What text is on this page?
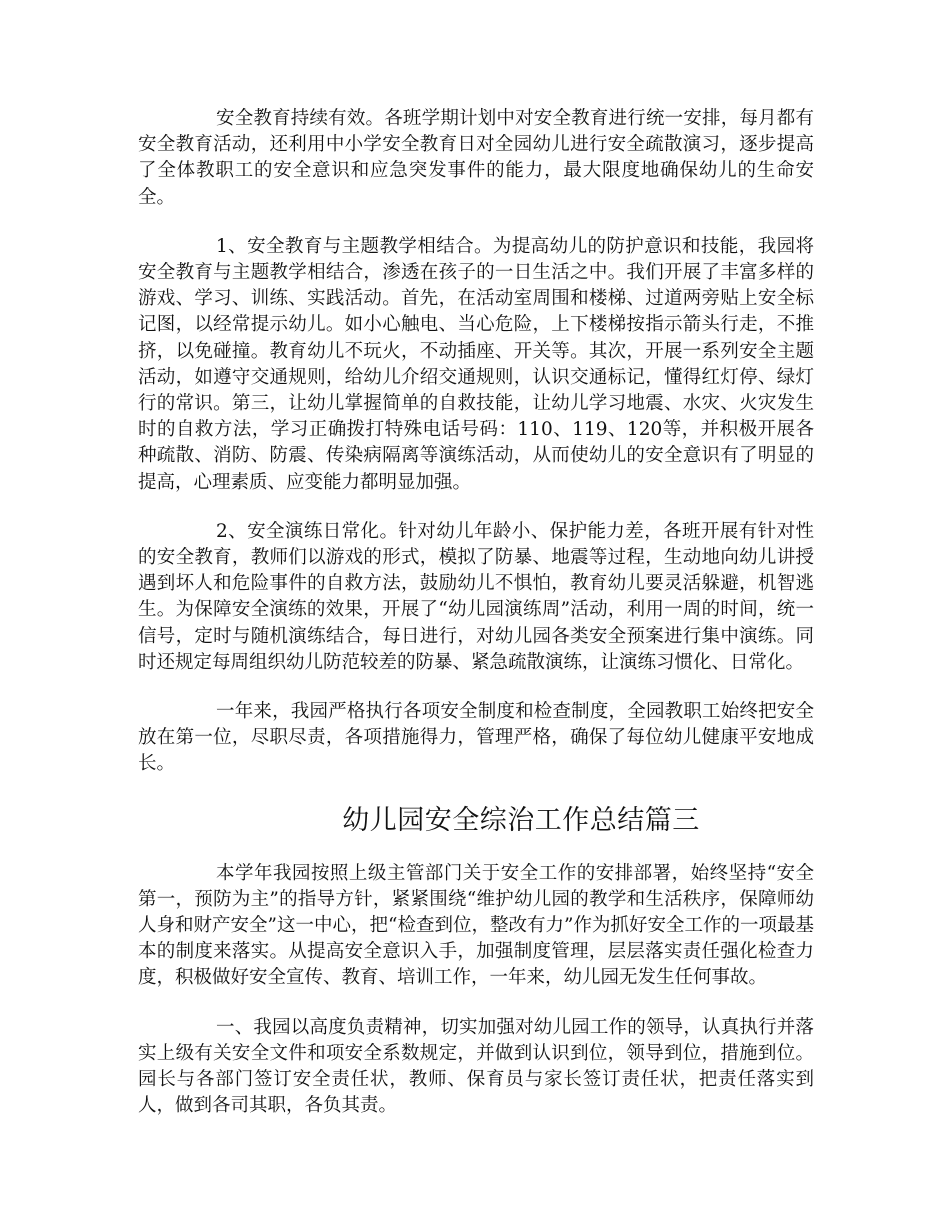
安全教育持续有效。各班学期计划中对安全教育进行统一安排，每月都有安全教育活动，还利用中小学安全教育日对全园幼儿进行安全疏散演习，逐步提高了全体教职工的安全意识和应急突发事件的能力，最大限度地确保幼儿的生命安全。

1、安全教育与主题教学相结合。为提高幼儿的防护意识和技能，我园将安全教育与主题教学相结合，渗透在孩子的一日生活之中。我们开展了丰富多样的游戏、学习、训练、实践活动。首先，在活动室周围和楼梯、过道两旁贴上安全标记图，以经常提示幼儿。如小心触电、当心危险，上下楼梯按指示箭头行走，不推挤，以免碰撞。教育幼儿不玩火，不动插座、开关等。其次，开展一系列安全主题活动，如遵守交通规则，给幼儿介绍交通规则，认识交通标记，懂得红灯停、绿灯行的常识。第三，让幼儿掌握简单的自救技能，让幼儿学习地震、水灾、火灾发生时的自救方法，学习正确拨打特殊电话号码：110、119、120等，并积极开展各种疏散、消防、防震、传染病隔离等演练活动，从而使幼儿的安全意识有了明显的提高，心理素质、应变能力都明显加强。

2、安全演练日常化。针对幼儿年龄小、保护能力差，各班开展有针对性的安全教育，教师们以游戏的形式，模拟了防暴、地震等过程，生动地向幼儿讲授遇到坏人和危险事件的自救方法，鼓励幼儿不惧怕，教育幼儿要灵活躲避，机智逃生。为保障安全演练的效果，开展了“幼儿园演练周”活动，利用一周的时间，统一信号，定时与随机演练结合，每日进行，对幼儿园各类安全预案进行集中演练。同时还规定每周组织幼儿防范较差的防暴、紧急疏散演练，让演练习惯化、日常化。

一年来，我园严格执行各项安全制度和检查制度，全园教职工始终把安全放在第一位，尽职尽责，各项措施得力，管理严格，确保了每位幼儿健康平安地成长。

幼儿园安全综治工作总结篇三

本学年我园按照上级主管部门关于安全工作的安排部署，始终坚持“安全第一，预防为主”的指导方针，紧紧围绕“维护幼儿园的教学和生活秩序，保障师幼人身和财产安全”这一中心，把“检查到位，整改有力”作为抓好安全工作的一项最基本的制度来落实。从提高安全意识入手，加强制度管理，层层落实责任强化检查力度，积极做好安全宣传、教育、培训工作，一年来，幼儿园无发生任何事故。

一、我园以高度负责精神，切实加强对幼儿园工作的领导，认真执行并落实上级有关安全文件和项安全系数规定，并做到认识到位，领导到位，措施到位。园长与各部门签订安全责任状，教师、保育员与家长签订责任状，把责任落实到人，做到各司其职，各负其责。
